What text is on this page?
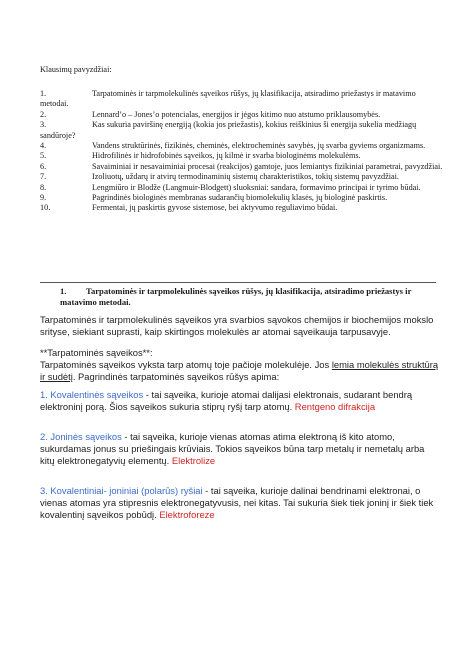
Klausimų pavyzdžiai:
1.	Tarpatominės ir tarpmolekulinės sąveikos rūšys, jų klasifikacija, atsiradimo priežastys ir matavimo metodai.
2.	Lennard’o – Jones’o potencialas, energijos ir jėgos kitimo nuo atstumo priklausomybės.
3.	Kas sukuria paviršinę energiją (kokia jos priežastis), kokius reiškinius ši energija sukelia medžiagų sandūroje?
4.	Vandens struktūrinės, fizikinės, cheminės, elektrocheminės savybės, jų svarba gyviems organizmams.
5.	Hidrofilinės ir hidrofobinės sąveikos, jų kilmė ir svarba biologinėms molekulėms.
6.	Savaiminiai ir nesavaiminiai procesai (reakcijos) gamtoje, juos lemiantys fizikiniai parametrai, pavyzdžiai.
7.	Izoliuotų, uždarų ir atvirų termodinaminių sistemų charakteristikos, tokių sistemų pavyzdžiai.
8.	Lengmiūro ir Blodže (Langmuir-Blodgett) sluoksniai: sandara, formavimo principai ir tyrimo būdai.
9.	Pagrindinės biologinės membranas sudarančių biomolekulių klasės, jų biologinė paskirtis.
10.	Fermentai, jų paskirtis gyvose sistemose, bei aktyvumo reguliavimo būdai.
1. Tarpatominės ir tarpmolekulinės sąveikos rūšys, jų klasifikacija, atsiradimo priežastys ir matavimo metodai.
Tarpatominės ir tarpmolekulinės sąveikos yra svarbios sąvokos chemijos ir biochemijos mokslo srityse, siekiant suprasti, kaip skirtingos molekulės ar atomai sąveikauja tarpusavyje.
**Tarpatominės sąveikos**:
Tarpatominės sąveikos vyksta tarp atomų toje pačioje molekulėje. Jos lemia molekulės struktūrą ir sudėtį. Pagrindinės tarpatominės sąveikos rūšys apima:
1. Kovalentinės sąveikos - tai sąveika, kurioje atomai dalijasi elektronais, sudarant bendrą elektroninį porą. Šios sąveikos sukuria stiprų ryšį tarp atomų. Rentgeno difrakcija
2. Joninės sąveikos - tai sąveika, kurioje vienas atomas atima elektroną iš kito atomo, sukurdamas jonus su priešingais krūviais. Tokios sąveikos būna tarp metalų ir nemetalų arba kitų elektronegatyvių elementų. Elektrolize
3. Kovalentiniai- joniniai (polarūs) ryšiai - tai sąveika, kurioje dalinai bendrinami elektronai, o vienas atomas yra stipresnis elektronegatyvusis, nei kitas. Tai sukuria šiek tiek joninį ir šiek tiek kovalentinį sąveikos pobūdį. Elektroforeze
